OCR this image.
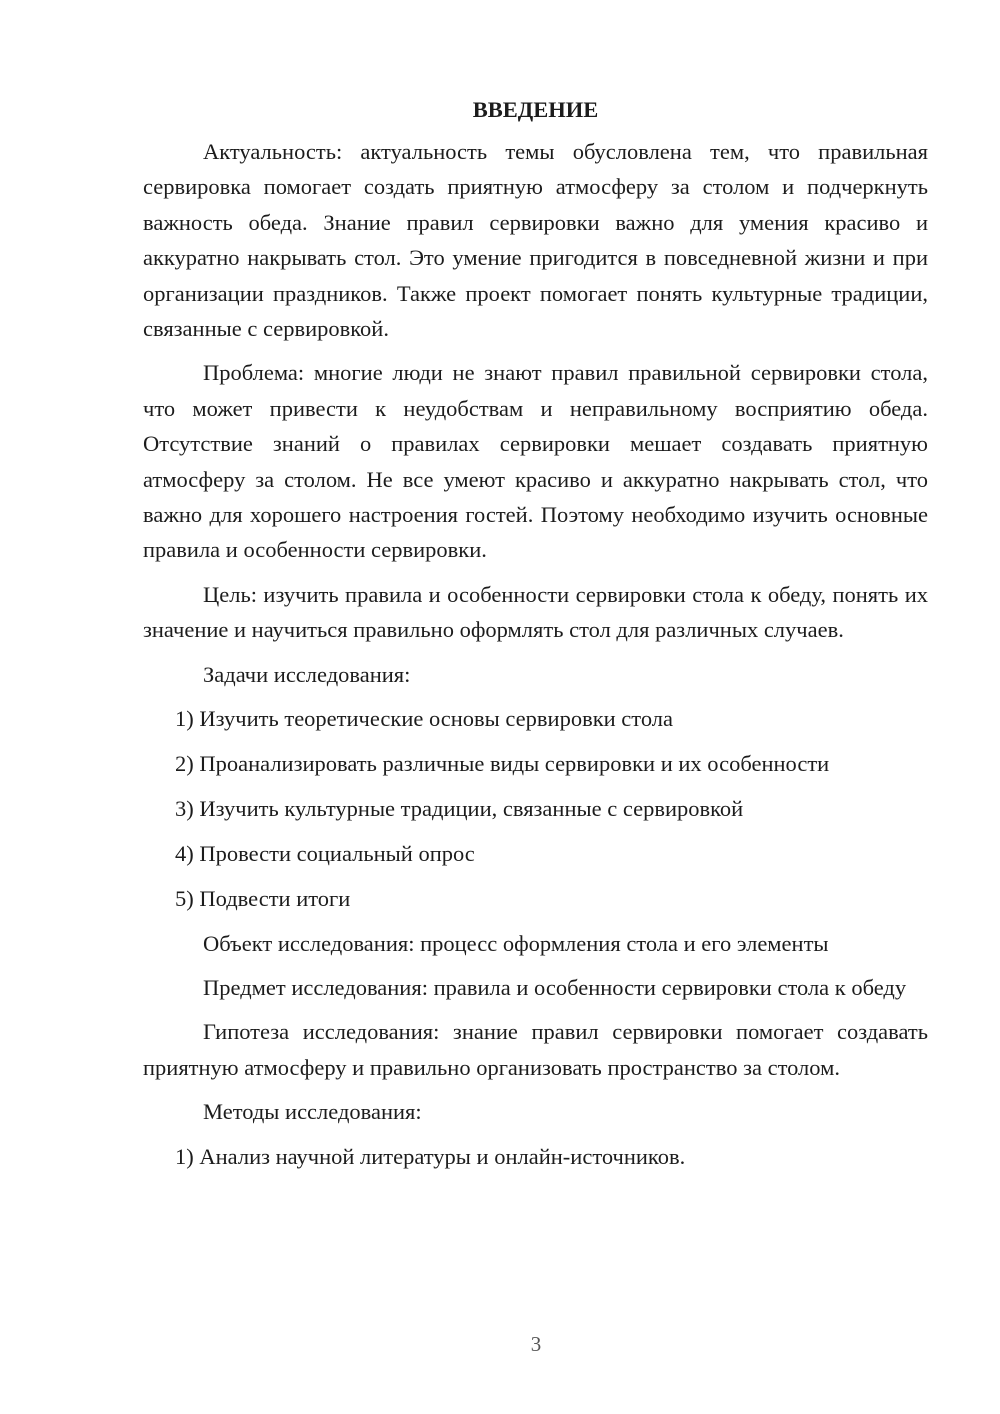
ВВЕДЕНИЕ

Актуальность: актуальность темы обусловлена тем, что правильная сервировка помогает создать приятную атмосферу за столом и подчеркнуть важность обеда. Знание правил сервировки важно для умения красиво и аккуратно накрывать стол. Это умение пригодится в повседневной жизни и при организации праздников. Также проект помогает понять культурные традиции, связанные с сервировкой.

Проблема: многие люди не знают правил правильной сервировки стола, что может привести к неудобствам и неправильному восприятию обеда. Отсутствие знаний о правилах сервировки мешает создавать приятную атмосферу за столом. Не все умеют красиво и аккуратно накрывать стол, что важно для хорошего настроения гостей. Поэтому необходимо изучить основные правила и особенности сервировки.

Цель: изучить правила и особенности сервировки стола к обеду, понять их значение и научиться правильно оформлять стол для различных случаев.

Задачи исследования:

1) Изучить теоретические основы сервировки стола
2) Проанализировать различные виды сервировки и их особенности
3) Изучить культурные традиции, связанные с сервировкой
4) Провести социальный опрос
5) Подвести итоги

Объект исследования: процесс оформления стола и его элементы

Предмет исследования: правила и особенности сервировки стола к обеду

Гипотеза исследования: знание правил сервировки помогает создавать приятную атмосферу и правильно организовать пространство за столом.

Методы исследования:

1) Анализ научной литературы и онлайн-источников.
3
